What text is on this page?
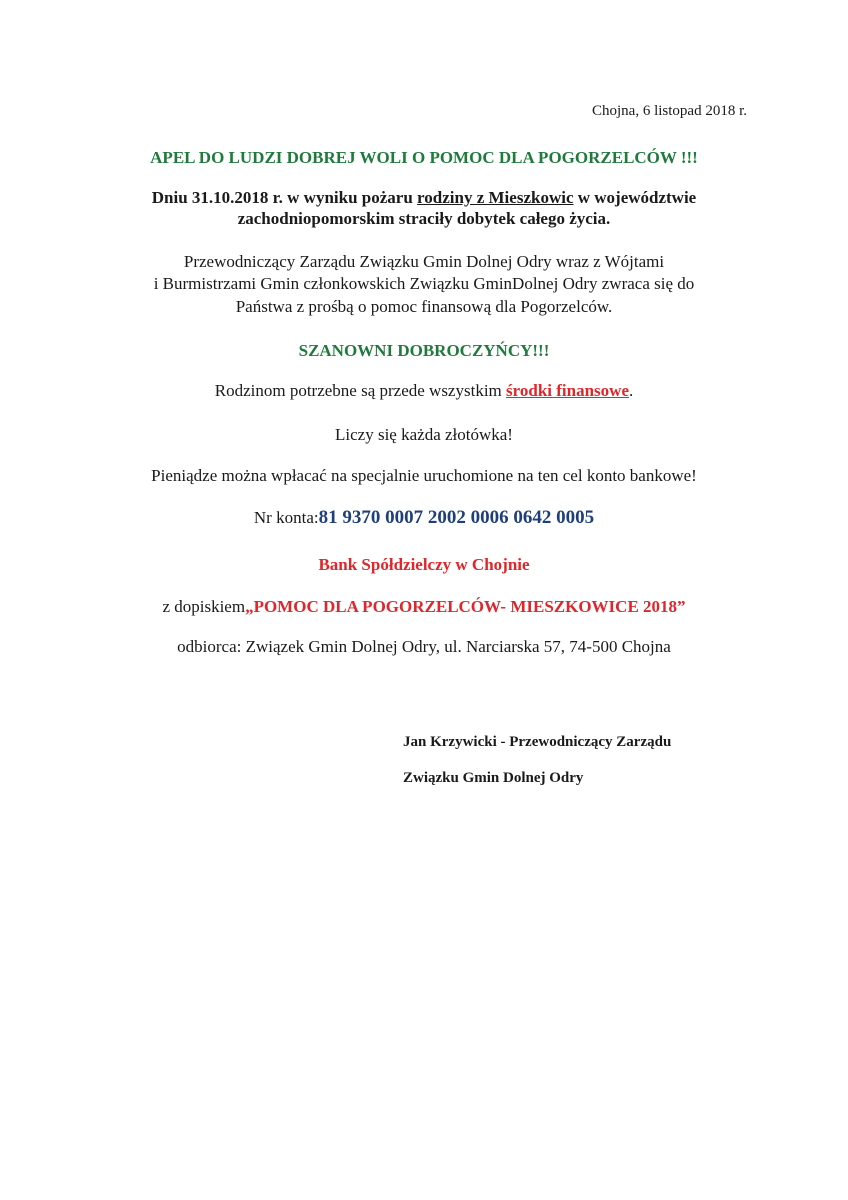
Chojna, 6 listopad 2018 r.
APEL DO LUDZI DOBREJ WOLI O POMOC DLA POGORZELCÓW !!!
Dniu 31.10.2018 r. w wyniku pożaru rodziny z Mieszkowic w województwie
zachodniopomorskim straciły dobytek całego życia.
Przewodniczący Zarządu Związku Gmin Dolnej Odry wraz z Wójtami
i Burmistrzami Gmin członkowskich Związku GminDolnej Odry zwraca się do
Państwa z prośbą o pomoc finansową dla Pogorzelców.
SZANOWNI DOBROCZYŃCY!!!
Rodzinom potrzebne są przede wszystkim środki finansowe.
Liczy się każda złotówka!
Pieniądze można wpłacać na specjalnie uruchomione na ten cel konto bankowe!
Nr konta:81 9370 0007 2002 0006 0642 0005
Bank Spółdzielczy w Chojnie
z dopiskiem„POMOC DLA POGORZELCÓW- MIESZKOWICE 2018”
odbiorca: Związek Gmin Dolnej Odry, ul. Narciarska 57, 74-500 Chojna
Jan Krzywicki - Przewodniczący Zarządu
Związku Gmin Dolnej Odry
